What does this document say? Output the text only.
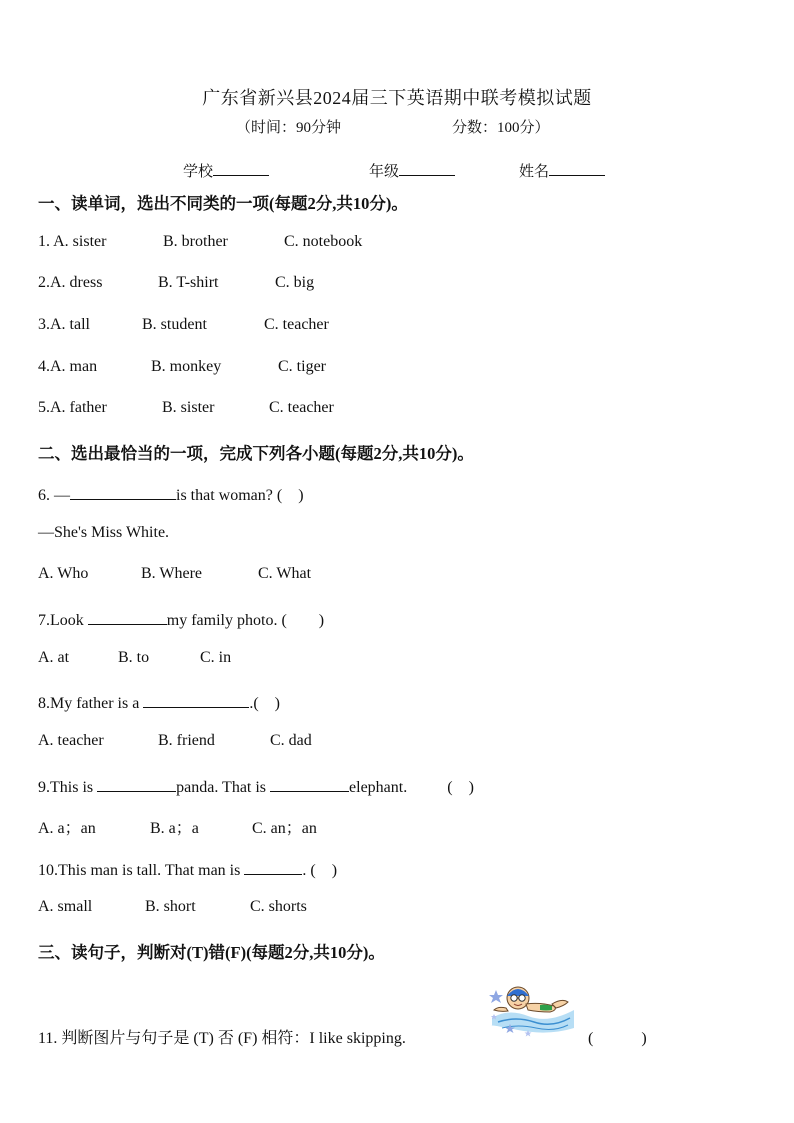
广东省新兴县2024届三下英语期中联考模拟试题
（时间：90分钟	分数：100分）
学校	年级	姓名
一、读单词，选出不同类的一项(每题2分,共10分)。
1. A. sister	B. brother	C. notebook
2.A. dress	B. T-shirt	C. big
3.A. tall	B. student	C. teacher
4.A. man	B. monkey	C. tiger
5.A. father	B. sister	C. teacher
二、选出最恰当的一项，完成下列各小题(每题2分,共10分)。
6. —	is that woman? (　)
—She's Miss White.
A. Who	B. Where	C. What
7.Look	my family photo. (　　)
A. at	B. to	C. in
8.My father is a	.(　)
A. teacher	B. friend	C. dad
9.This is	panda. That is	elephant.	(　)
A. a；an	B. a；a	C. an；an
10.This man is tall. That man is	. (　)
A. small	B. short	C. shorts
三、读句子，判断对(T)错(F)(每题2分,共10分)。
11. 判断图片与句子是 (T) 否 (F) 相符：I like skipping.	(　　　)
